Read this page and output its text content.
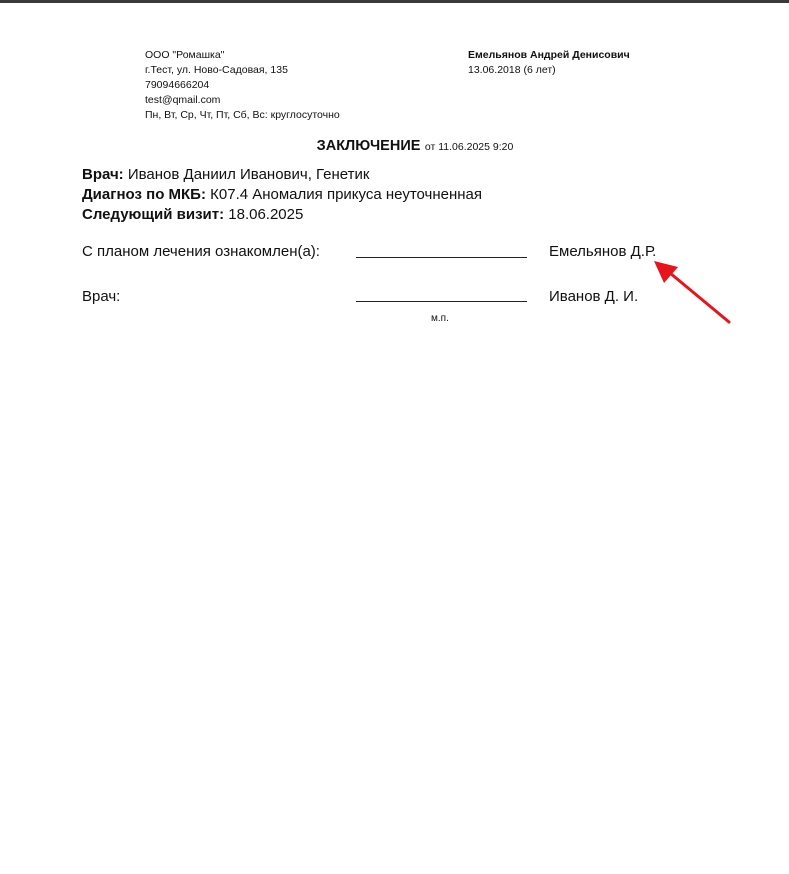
ООО "Ромашка"
г.Тест, ул. Ново-Садовая, 135
79094666204
test@qmail.com
Пн, Вт, Ср, Чт, Пт, Сб, Вс: круглосуточно
Емельянов Андрей Денисович
13.06.2018 (6 лет)
ЗАКЛЮЧЕНИЕ от 11.06.2025 9:20
Врач: Иванов Даниил Иванович, Генетик
Диагноз по МКБ: К07.4 Аномалия прикуса неуточненная
Следующий визит: 18.06.2025
С планом лечения ознакомлен(а):	Емельянов Д.Р.
Врач:	Иванов Д. И.
м.п.
